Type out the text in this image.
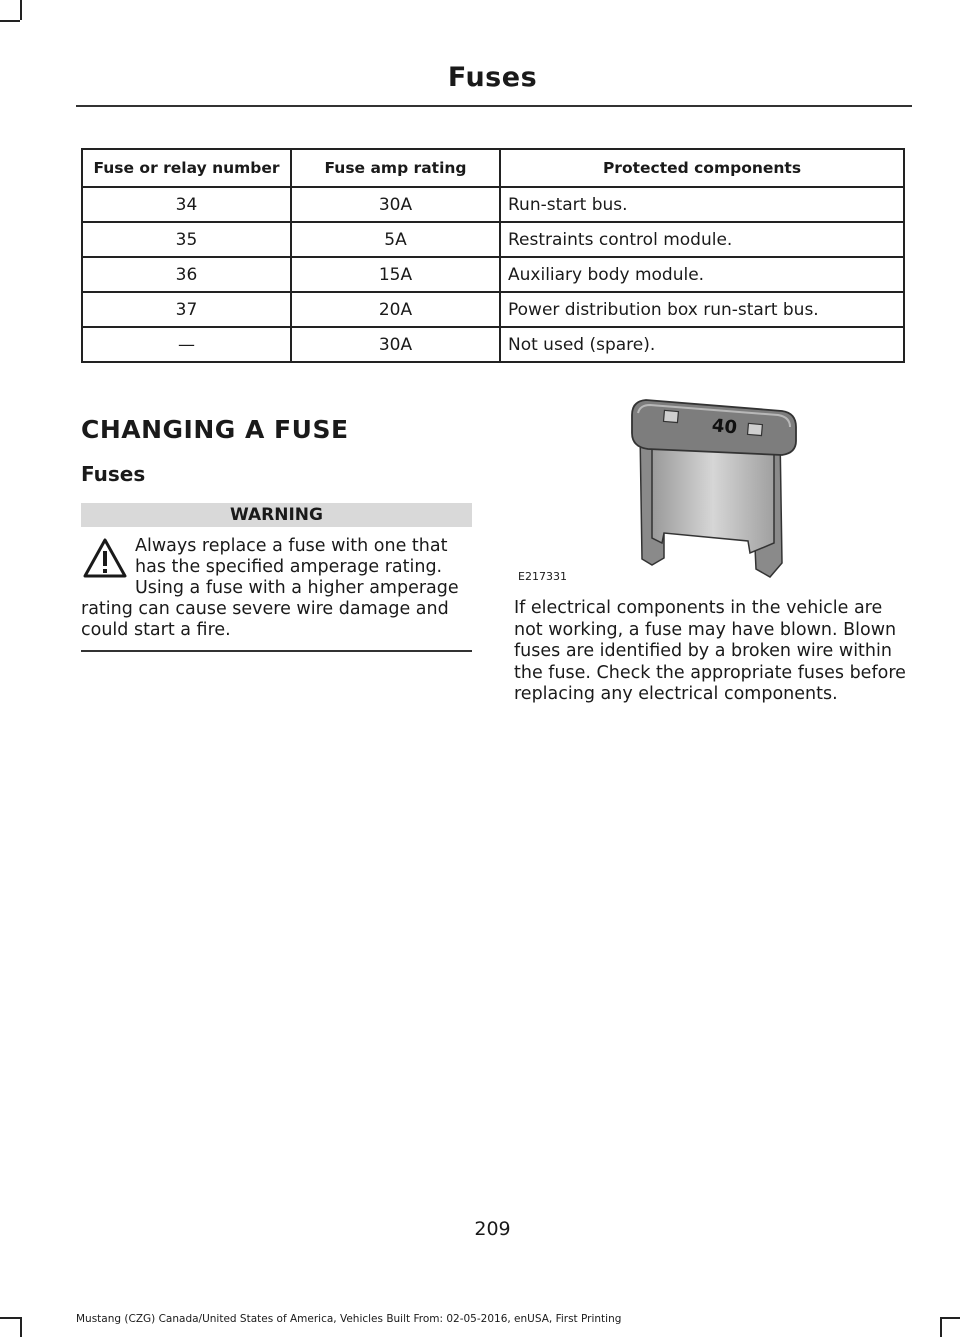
Fuses
Fuse or relay number	Fuse amp rating	Protected components
34	30A	Run-start bus.
35	5A	Restraints control module.
36	15A	Auxiliary body module.
37	20A	Power distribution box run-start bus.
—	30A	Not used (spare).
CHANGING A FUSE
Fuses
WARNING
Always replace a fuse with one that has the specified amperage rating. Using a fuse with a higher amperage rating can cause severe wire damage and could start a fire.
40
E217331
If electrical components in the vehicle are not working, a fuse may have blown. Blown fuses are identified by a broken wire within the fuse. Check the appropriate fuses before replacing any electrical components.
209
Mustang (CZG) Canada/United States of America, Vehicles Built From: 02-05-2016, enUSA, First Printing
